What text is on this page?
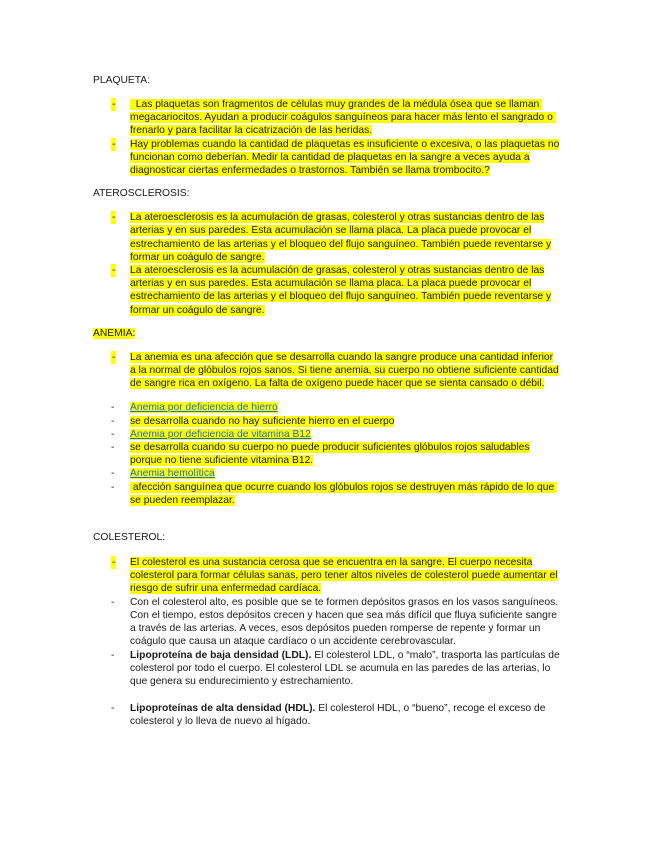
PLAQUETA:
- Las plaquetas son fragmentos de células muy grandes de la médula ósea que se llaman megacariocitos. Ayudan a producir coágulos sanguíneos para hacer más lento el sangrado o frenarlo y para facilitar la cicatrización de las heridas.
- Hay problemas cuando la cantidad de plaquetas es insuficiente o excesiva, o las plaquetas no funcionan como deberían. Medir la cantidad de plaquetas en la sangre a veces ayuda a diagnosticar ciertas enfermedades o trastornos. También se llama trombocito.?
ATEROSCLEROSIS:
- La ateroesclerosis es la acumulación de grasas, colesterol y otras sustancias dentro de las arterias y en sus paredes. Esta acumulación se llama placa. La placa puede provocar el estrechamiento de las arterias y el bloqueo del flujo sanguíneo. También puede reventarse y formar un coágulo de sangre.
- La ateroesclerosis es la acumulación de grasas, colesterol y otras sustancias dentro de las arterias y en sus paredes. Esta acumulación se llama placa. La placa puede provocar el estrechamiento de las arterias y el bloqueo del flujo sanguíneo. También puede reventarse y formar un coágulo de sangre.
ANEMIA:
- La anemia es una afección que se desarrolla cuando la sangre produce una cantidad inferior a la normal de glóbulos rojos sanos. Si tiene anemia, su cuerpo no obtiene suficiente cantidad de sangre rica en oxígeno. La falta de oxígeno puede hacer que se sienta cansado o débil.
- Anemia por deficiencia de hierro
- se desarrolla cuando no hay suficiente hierro en el cuerpo
- Anemia por deficiencia de vitamina B12
- se desarrolla cuando su cuerpo no puede producir suficientes glóbulos rojos saludables porque no tiene suficiente vitamina B12.
- Anemia hemolítica
- afección sanguínea que ocurre cuando los glóbulos rojos se destruyen más rápido de lo que se pueden reemplazar.
COLESTEROL:
- El colesterol es una sustancia cerosa que se encuentra en la sangre. El cuerpo necesita colesterol para formar células sanas, pero tener altos niveles de colesterol puede aumentar el riesgo de sufrir una enfermedad cardíaca.
- Con el colesterol alto, es posible que se te formen depósitos grasos en los vasos sanguíneos. Con el tiempo, estos depósitos crecen y hacen que sea más difícil que fluya suficiente sangre a través de las arterias. A veces, esos depósitos pueden romperse de repente y formar un coágulo que causa un ataque cardíaco o un accidente cerebrovascular.
- Lipoproteína de baja densidad (LDL). El colesterol LDL, o “malo”, trasporta las partículas de colesterol por todo el cuerpo. El colesterol LDL se acumula en las paredes de las arterias, lo que genera su endurecimiento y estrechamiento.
- Lipoproteínas de alta densidad (HDL). El colesterol HDL, o “bueno”, recoge el exceso de colesterol y lo lleva de nuevo al hígado.
